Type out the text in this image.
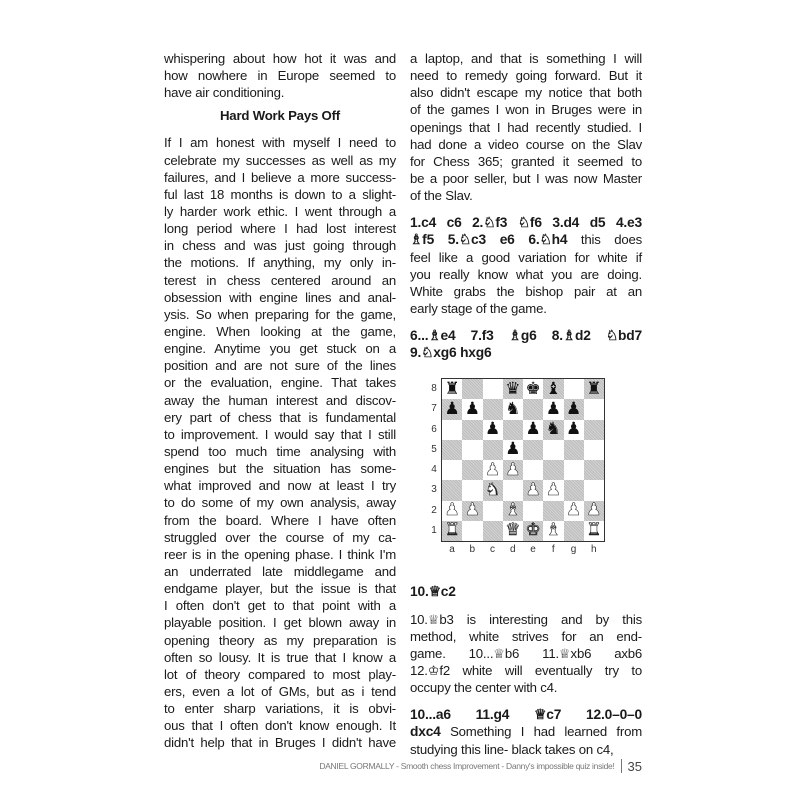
whispering about how hot it was and
how nowhere in Europe seemed to
have air conditioning.
Hard Work Pays Off
If I am honest with myself I need to
celebrate my successes as well as my
failures, and I believe a more success-
ful last 18 months is down to a slight-
ly harder work ethic. I went through a
long period where I had lost interest
in chess and was just going through
the motions. If anything, my only in-
terest in chess centered around an
obsession with engine lines and anal-
ysis. So when preparing for the game,
engine. When looking at the game,
engine. Anytime you get stuck on a
position and are not sure of the lines
or the evaluation, engine. That takes
away the human interest and discov-
ery part of chess that is fundamental
to improvement. I would say that I still
spend too much time analysing with
engines but the situation has some-
what improved and now at least I try
to do some of my own analysis, away
from the board. Where I have often
struggled over the course of my ca-
reer is in the opening phase. I think I'm
an underrated late middlegame and
endgame player, but the issue is that
I often don't get to that point with a
playable position. I get blown away in
opening theory as my preparation is
often so lousy. It is true that I know a
lot of theory compared to most play-
ers, even a lot of GMs, but as i tend
to enter sharp variations, it is obvi-
ous that I often don't know enough. It
didn't help that in Bruges I didn't have
a laptop, and that is something I will
need to remedy going forward. But it
also didn't escape my notice that both
of the games I won in Bruges were in
openings that I had recently studied. I
had done a video course on the Slav
for Chess 365; granted it seemed to
be a poor seller, but I was now Master
of the Slav.
1.c4 c6 2.♘f3 ♘f6 3.d4 d5 4.e3
♗f5 5.♘c3 e6 6.♘h4 this does
feel like a good variation for white if
you really know what you are doing.
White grabs the bishop pair at an
early stage of the game.
6...♗e4 7.f3 ♗g6 8.♗d2 ♘bd7
9.♘xg6 hxg6
10.♕c2
10.♕b3 is interesting and by this
method, white strives for an end-
game. 10...♕b6 11.♕xb6 axb6
12.♔f2 white will eventually try to
occupy the center with c4.
10...a6 11.g4 ♕c7 12.0–0–0
dxc4 Something I had learned from
studying this line- black takes on c4,
♜	♛ ♚ ♝ ♜
♟ ♟ ♞ ♟ ♟
♟ ♟ ♞ ♟
♟
♟ ♟
♞ ♟ ♟
♟ ♟ ♝	♟ ♟
♜	♛ ♚ ♝ ♜
8
7
6
5
4
3
2
1
a	b	c	d	e	f	g	h
DANIEL GORMALLY - Smooth chess Improvement - Danny's impossible quiz inside! 35
